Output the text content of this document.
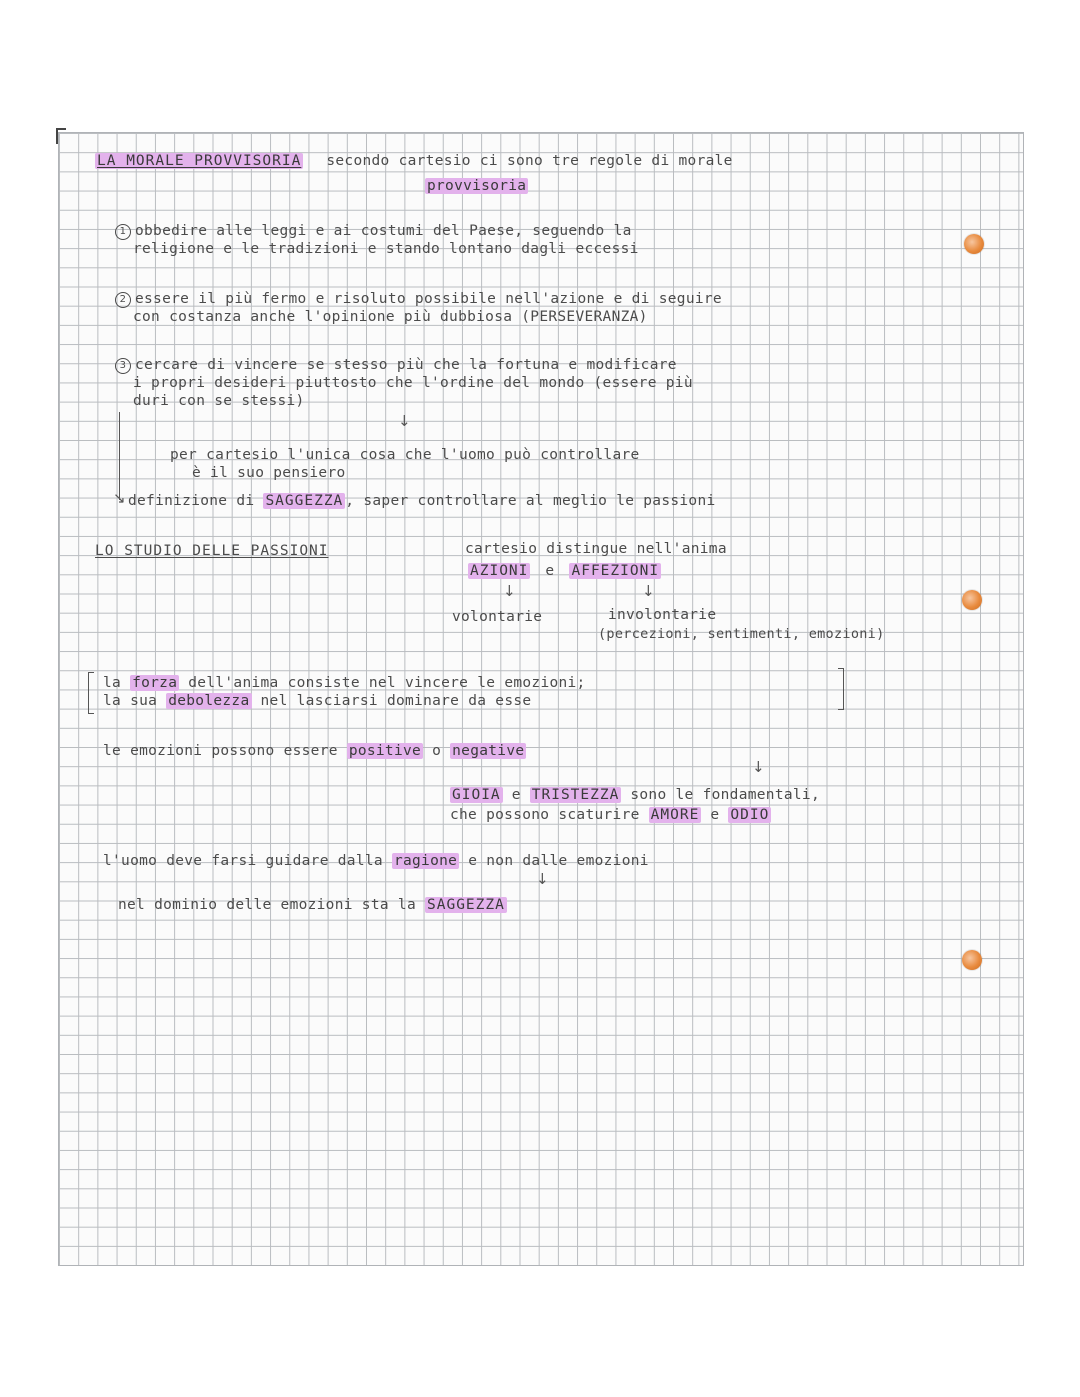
LA MORALE PROVVISORIA secondo cartesio ci sono tre regole di morale
provvisoria
1 obbedire alle leggi e ai costumi del Paese, seguendo la
religione e le tradizioni e stando lontano dagli eccessi
2 essere il più fermo e risoluto possibile nell'azione e di seguire
con costanza anche l'opinione più dubbiosa (PERSEVERANZA)
3 cercare di vincere se stesso più che la fortuna e modificare
i propri desideri piuttosto che l'ordine del mondo (essere più
duri con se stessi)
↓
↘
per cartesio l'unica cosa che l'uomo può controllare
è il suo pensiero
definizione di SAGGEZZA , saper controllare al meglio le passioni
LO STUDIO DELLE PASSIONI	cartesio distingue nell'anima
AZIONI e AFFEZIONI
↓	↓
volontarie	involontarie
(percezioni, sentimenti, emozioni)
la forza dell'anima consiste nel vincere le emozioni;
la sua debolezza nel lasciarsi dominare da esse
le emozioni possono essere positive o negative
↓
GIOIA e TRISTEZZA sono le fondamentali,
che possono scaturire AMORE e ODIO
l'uomo deve farsi guidare dalla ragione e non dalle emozioni
↓
nel dominio delle emozioni sta la SAGGEZZA
